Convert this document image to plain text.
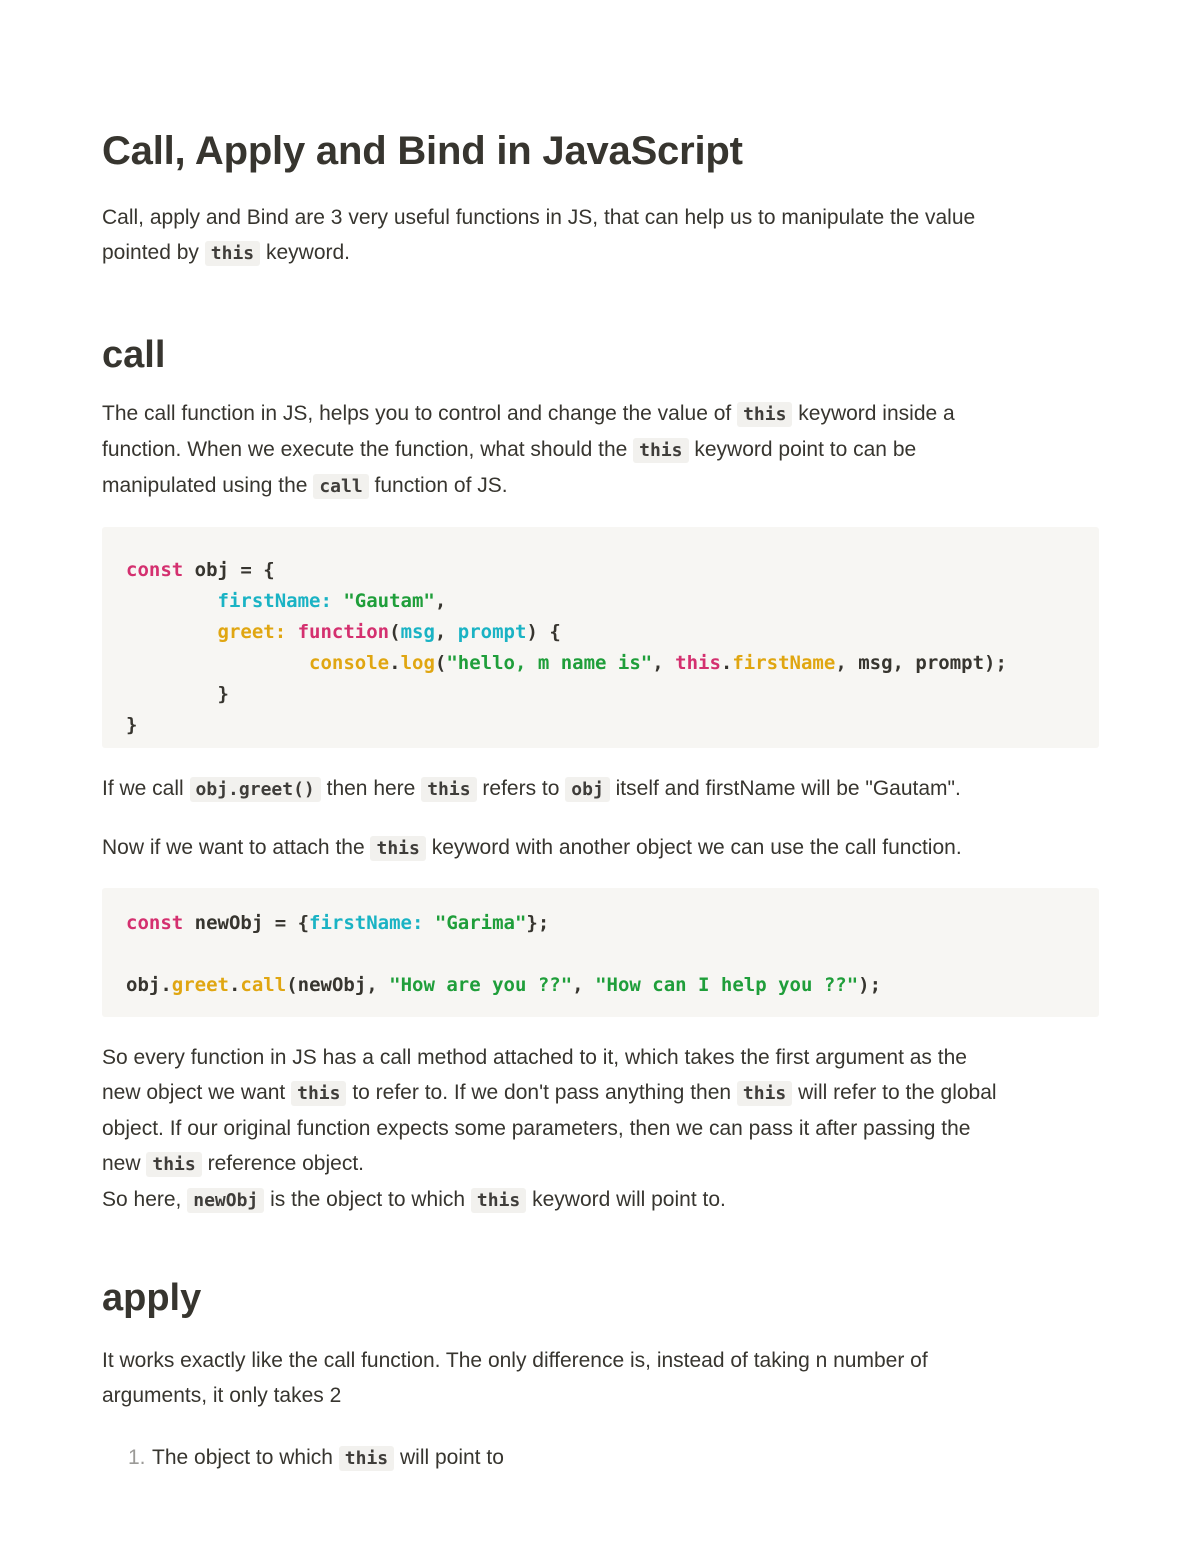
Call, Apply and Bind in JavaScript
Call, apply and Bind are 3 very useful functions in JS, that can help us to manipulate the value
pointed by this keyword.
call
The call function in JS, helps you to control and change the value of this keyword inside a
function. When we execute the function, what should the this keyword point to can be
manipulated using the call function of JS.
const obj = {
firstName: "Gautam",
greet: function(msg, prompt) {
console.log("hello, m name is", this.firstName, msg, prompt);
}
}
If we call obj.greet() then here this refers to obj itself and firstName will be "Gautam".
Now if we want to attach the this keyword with another object we can use the call function.
const newObj = {firstName: "Garima"};

obj.greet.call(newObj, "How are you ??", "How can I help you ??");
So every function in JS has a call method attached to it, which takes the first argument as the
new object we want this to refer to. If we don't pass anything then this will refer to the global
object. If our original function expects some parameters, then we can pass it after passing the
new this reference object.
So here, newObj is the object to which this keyword will point to.
apply
It works exactly like the call function. The only difference is, instead of taking n number of
arguments, it only takes 2
1. The object to which this will point to
